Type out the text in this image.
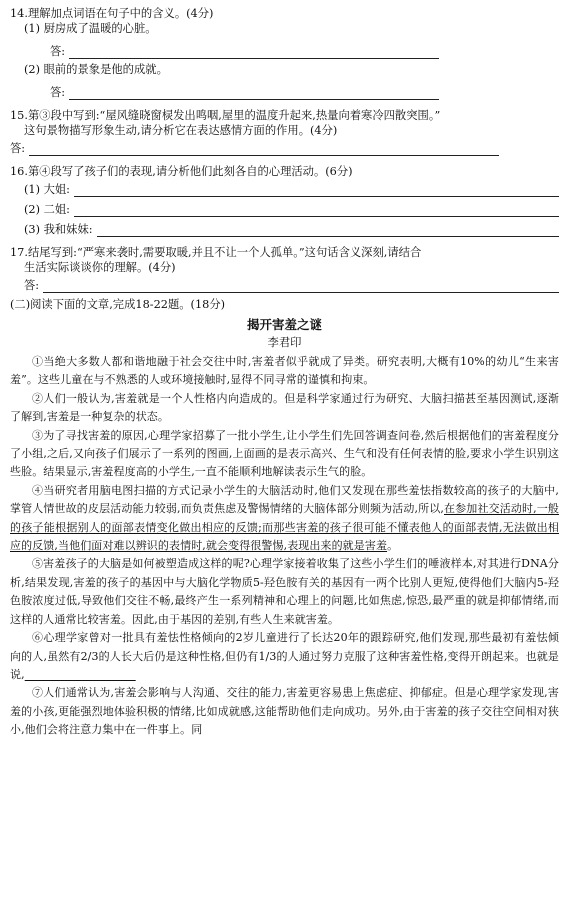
14.理解加点词语在句子中的含义。(4分)

(1) 厨房成了温暖的心脏。

答:

(2) 眼前的景象是他的成就。

答:

15.第③段中写到:“屋风缝晓窗棂发出鸣咽,屋里的温度升起来,热量向着寒冷四散突围。”

这句景物描写形象生动,请分析它在表达感情方面的作用。(4分)

答:

16.第④段写了孩子们的表现,请分析他们此刻各自的心理活动。(6分)

(1) 大姐:
(2) 二姐:
(3) 我和妹妹:

17.结尾写到:“严寒来袭时,需要取暖,并且不让一个人孤单。”这句话含义深刻,请结合

生活实际谈谈你的理解。(4分)

答:

(二)阅读下面的文章,完成18-22题。(18分)

揭开害羞之谜

李君印

①当绝大多数人都和谐地融于社会交往中时,害羞者似乎就成了异类。研究表明,大概有10%的幼儿“生来害羞”。这些儿童在与不熟悉的人或环境接触时,显得不同寻常的谨慎和拘束。

②人们一般认为,害羞就是一个人性格内向造成的。但是科学家通过行为研究、大脑扫描甚至基因测试,逐渐了解到,害羞是一种复杂的状态。

③为了寻找害羞的原因,心理学家招募了一批小学生,让小学生们先回答调查问卷,然后根据他们的害羞程度分了小组,之后,又向孩子们展示了一系列的图画,上面画的是表示高兴、生气和没有任何表情的脸,要求小学生识别这些脸。结果显示,害羞程度高的小学生,一直不能顺利地解读表示生气的脸。

④当研究者用脑电图扫描的方式记录小学生的大脑活动时,他们又发现在那些羞怯指数较高的孩子的大脑中,掌管人情世故的皮层活动能力较弱,而负责焦虑及警惕情绪的大脑体部分则频为活动,所以,在参加社交活动时,一般的孩子能根据别人的面部表情变化做出相应的反馈;而那些害羞的孩子很可能不懂表他人的面部表情,无法做出相应的反馈,当他们面对难以辨识的表情时,就会变得很警惕,表现出来的就是害羞。

⑤害羞孩子的大脑是如何被塑造成这样的呢?心理学家接着收集了这些小学生们的唾液样本,对其进行DNA分析,结果发现,害羞的孩子的基因中与大脑化学物质5-羟色胺有关的基因有一两个比别人更短,使得他们大脑内5-羟色胺浓度过低,导致他们交往不畅,最终产生一系列精神和心理上的问题,比如焦虑,惊恐,最严重的就是抑郁情绪,而这样的人通常比较害羞。因此,由于基因的差别,有些人生来就害羞。

⑥心理学家曾对一批具有羞怯性格倾向的2岁儿童进行了长达20年的跟踪研究,他们发现,那些最初有羞怯倾向的人,虽然有2/3的人长大后仍是这种性格,但仍有1/3的人通过努力克服了这种害羞性格,变得开朗起来。也就是说,          

⑦人们通常认为,害羞会影响与人沟通、交往的能力,害羞更容易患上焦虑症、抑郁症。但是心理学家发现,害羞的小孩,更能强烈地体验积极的情绪,比如成就感,这能帮助他们走向成功。另外,由于害羞的孩子交往空间相对狭小,他们会将注意力集中在一件事上。同
